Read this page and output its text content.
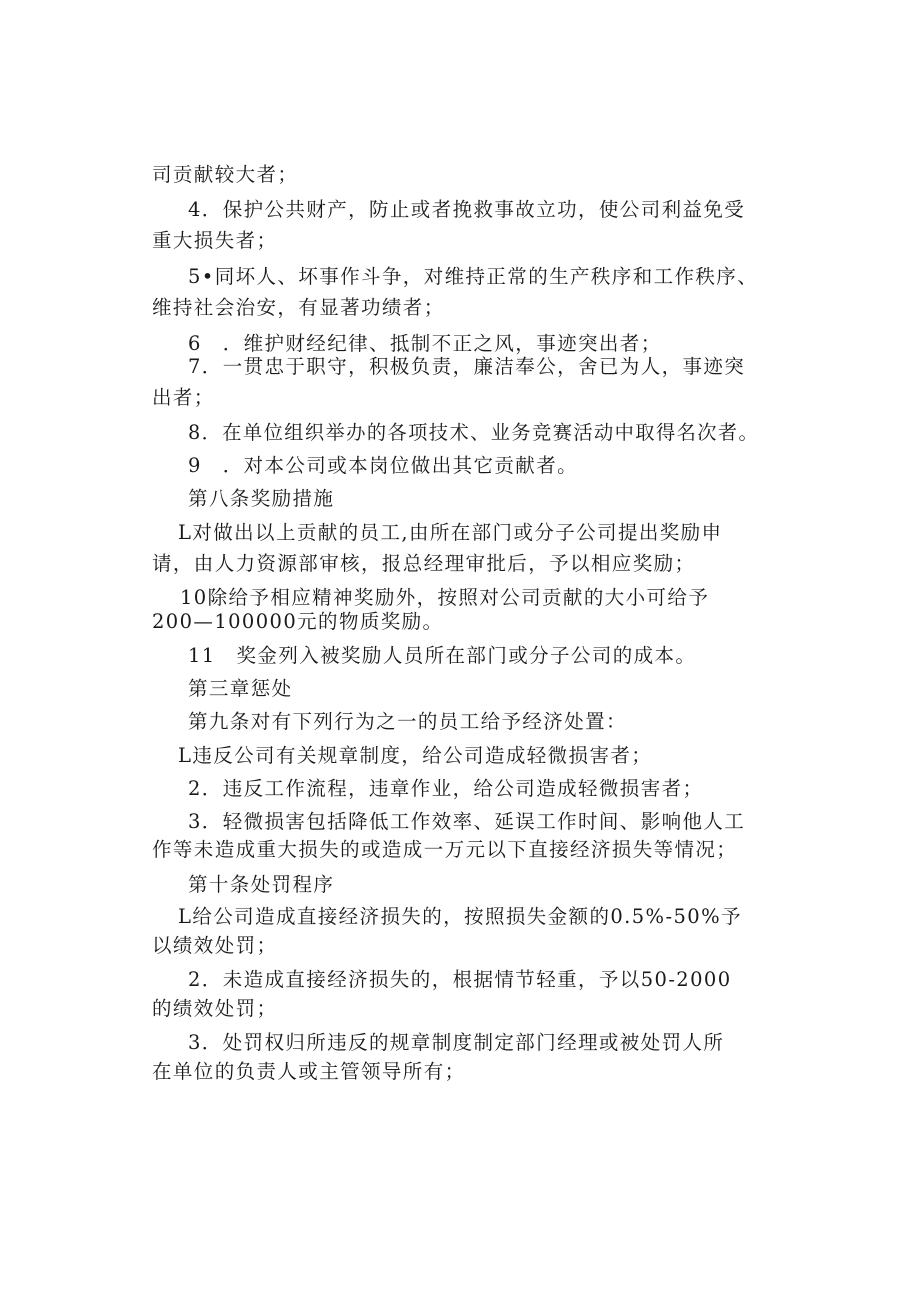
司贡献较大者；
4．保护公共财产，防止或者挽救事故立功，使公司利益免受
重大损失者；
5•同坏人、坏事作斗争，对维持正常的生产秩序和工作秩序、
维持社会治安，有显著功绩者；
6　．维护财经纪律、抵制不正之风，事迹突出者；
7．一贯忠于职守，积极负责，廉洁奉公，舍已为人，事迹突
出者；
8．在单位组织举办的各项技术、业务竞赛活动中取得名次者。
9　．对本公司或本岗位做出其它贡献者。
第八条奖励措施
L对做出以上贡献的员工,由所在部门或分子公司提出奖励申
请，由人力资源部审核，报总经理审批后，予以相应奖励；
10除给予相应精神奖励外，按照对公司贡献的大小可给予
200—100000元的物质奖励。
11　奖金列入被奖励人员所在部门或分子公司的成本。
第三章惩处
第九条对有下列行为之一的员工给予经济处置：
L违反公司有关规章制度，给公司造成轻微损害者；
2．违反工作流程，违章作业，给公司造成轻微损害者；
3．轻微损害包括降低工作效率、延误工作时间、影响他人工
作等未造成重大损失的或造成一万元以下直接经济损失等情况；
第十条处罚程序
L给公司造成直接经济损失的，按照损失金额的0.5%-50%予
以绩效处罚；
2．未造成直接经济损失的，根据情节轻重，予以50-2000
的绩效处罚；
3．处罚权归所违反的规章制度制定部门经理或被处罚人所
在单位的负责人或主管领导所有；
